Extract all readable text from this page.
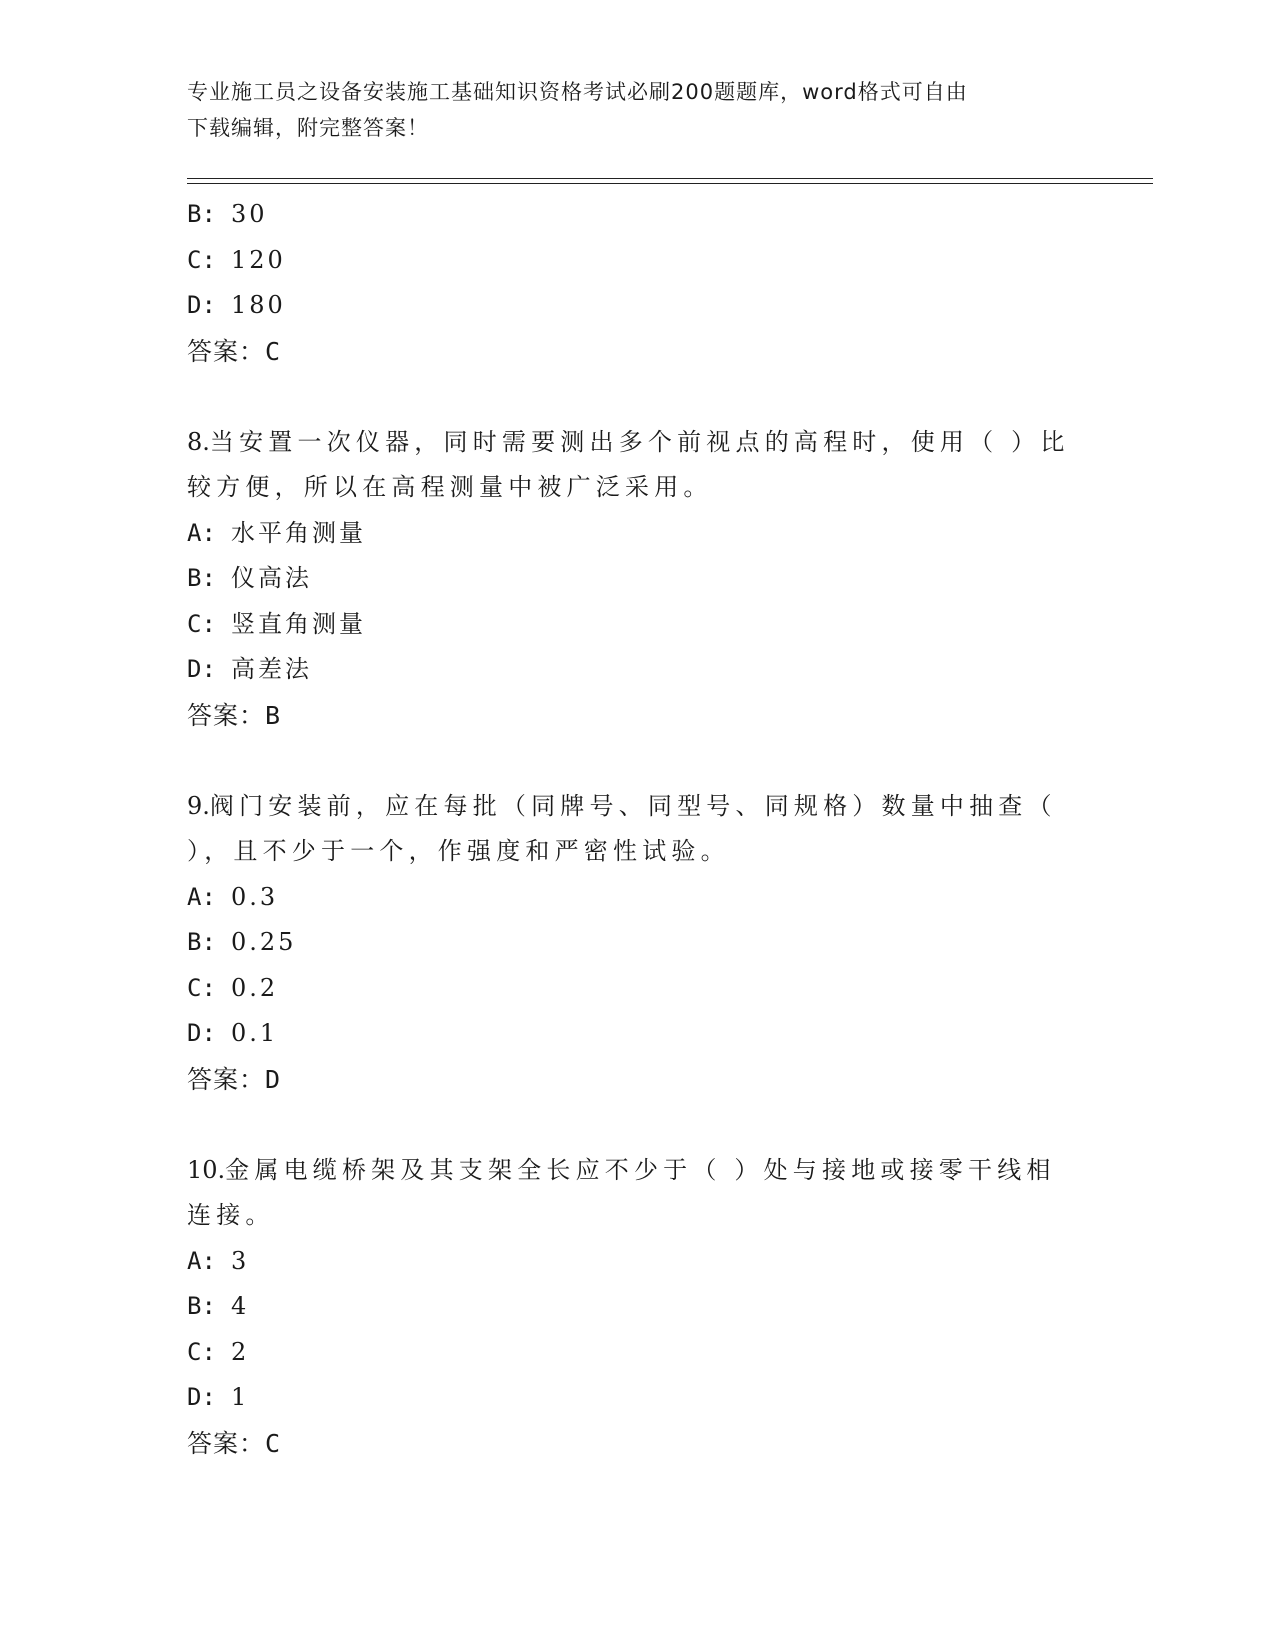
专业施工员之设备安装施工基础知识资格考试必刷200题题库，word格式可自由
下载编辑，附完整答案！
B: 30
C: 120
D: 180
答案：C
8.当安置一次仪器，同时需要测出多个前视点的高程时，使用（ ）比
较方便，所以在高程测量中被广泛采用。
A: 水平角测量
B: 仪高法
C: 竖直角测量
D: 高差法
答案：B
9.阀门安装前，应在每批（同牌号、同型号、同规格）数量中抽查（
），且不少于一个，作强度和严密性试验。
A: 0.3
B: 0.25
C: 0.2
D: 0.1
答案：D
10.金属电缆桥架及其支架全长应不少于（ ）处与接地或接零干线相
连接。
A: 3
B: 4
C: 2
D: 1
答案：C
